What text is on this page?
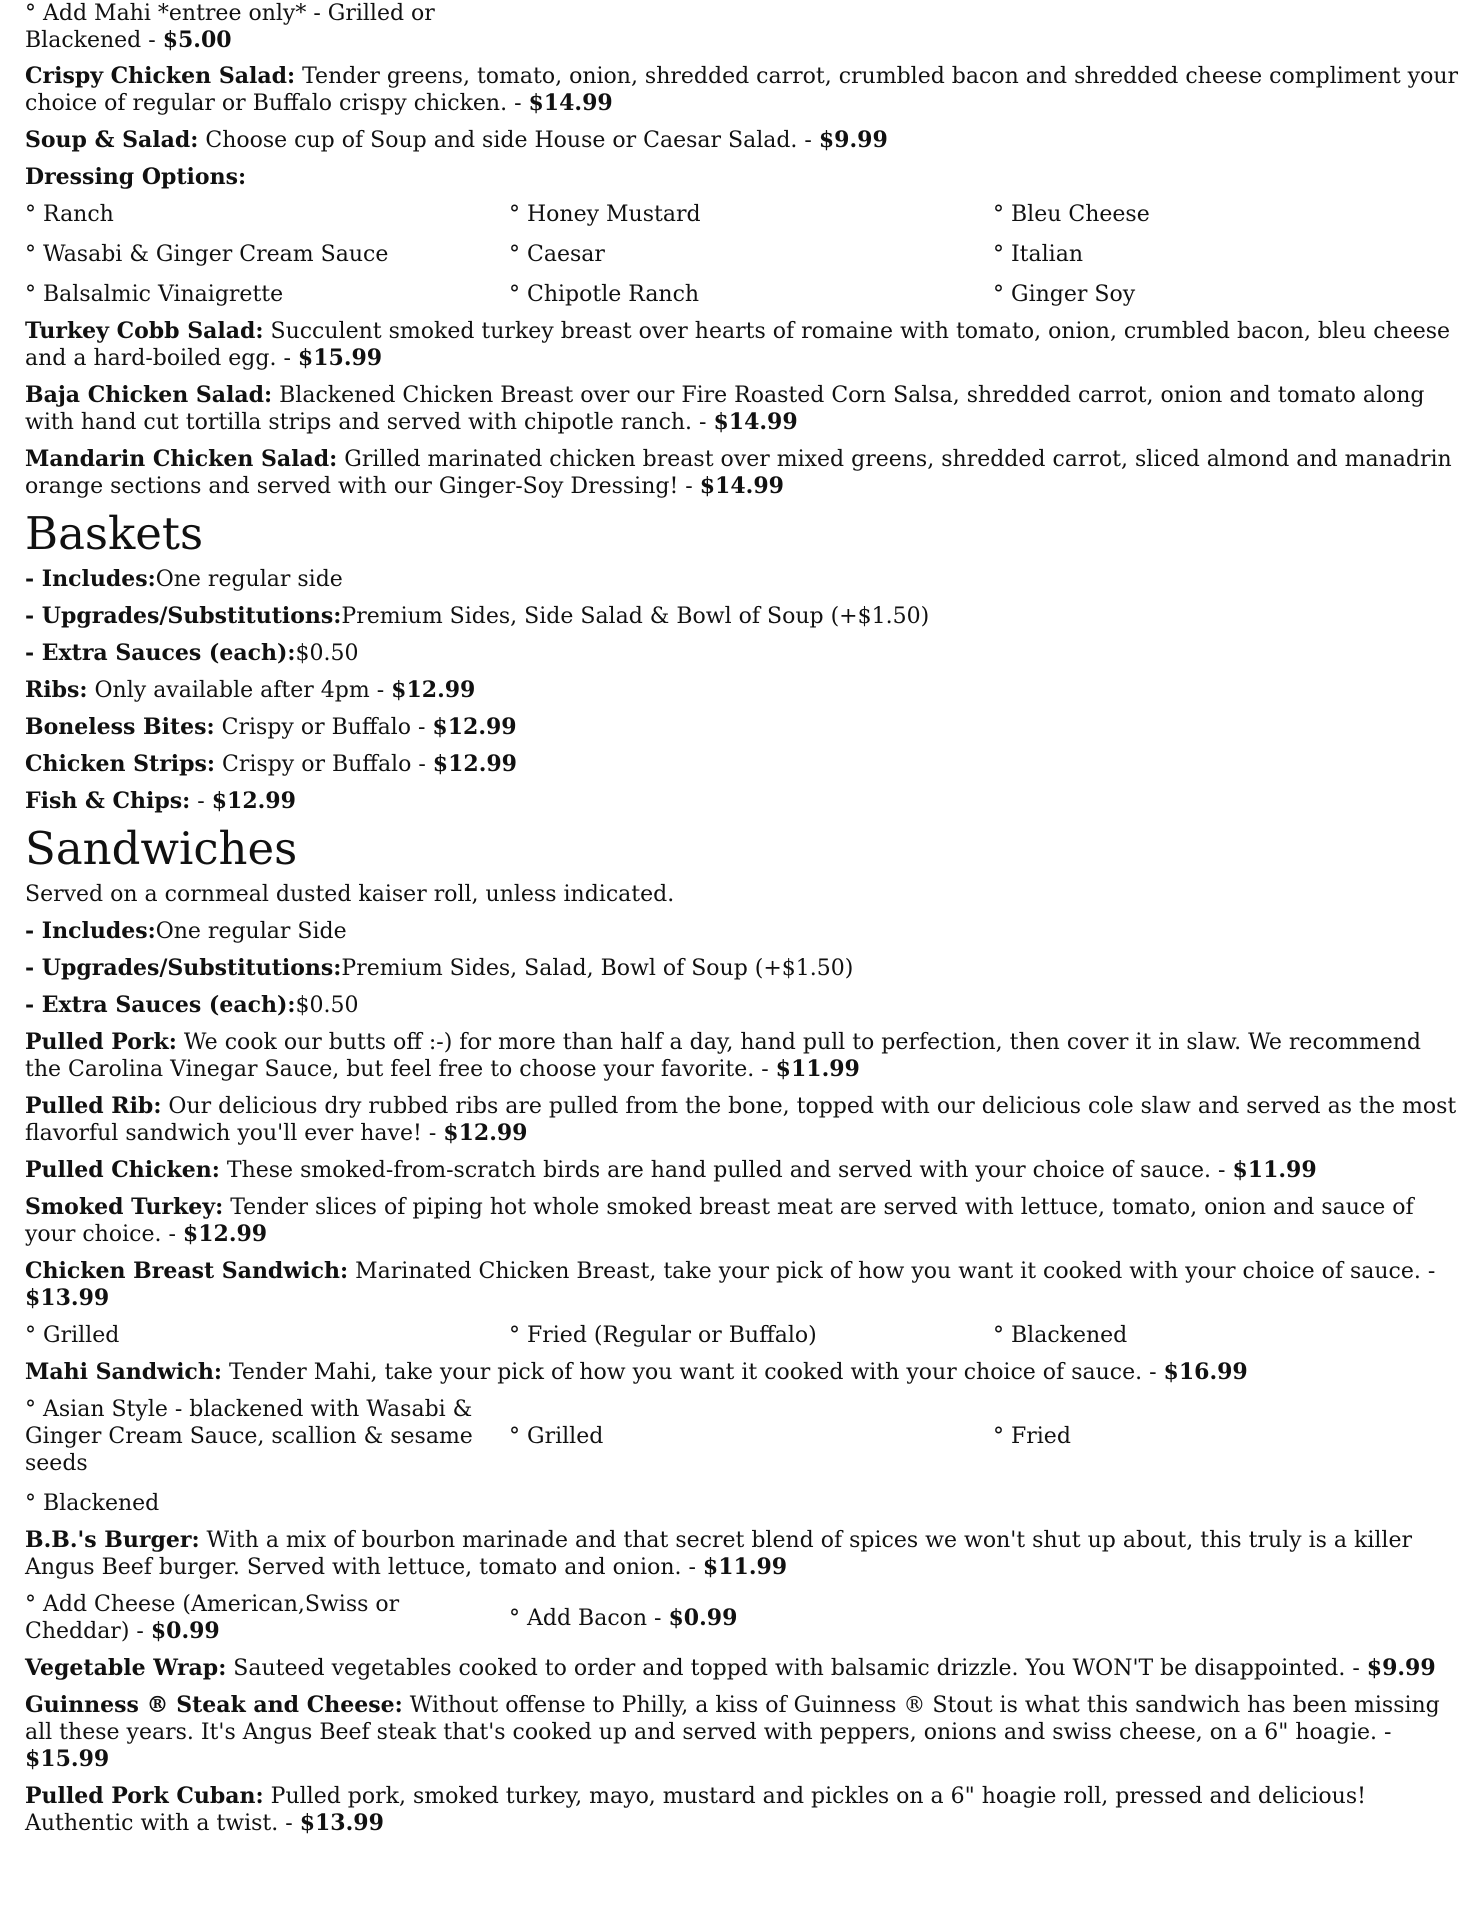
° Add Mahi *entree only* - Grilled or Blackened - $5.00
Crispy Chicken Salad: Tender greens, tomato, onion, shredded carrot, crumbled bacon and shredded cheese compliment your choice of regular or Buffalo crispy chicken. - $14.99
Soup & Salad: Choose cup of Soup and side House or Caesar Salad. - $9.99
Dressing Options:
° Ranch	° Honey Mustard	° Bleu Cheese
° Wasabi & Ginger Cream Sauce	° Caesar	° Italian
° Balsalmic Vinaigrette	° Chipotle Ranch	° Ginger Soy
Turkey Cobb Salad: Succulent smoked turkey breast over hearts of romaine with tomato, onion, crumbled bacon, bleu cheese and a hard-boiled egg. - $15.99
Baja Chicken Salad: Blackened Chicken Breast over our Fire Roasted Corn Salsa, shredded carrot, onion and tomato along with hand cut tortilla strips and served with chipotle ranch. - $14.99
Mandarin Chicken Salad: Grilled marinated chicken breast over mixed greens, shredded carrot, sliced almond and manadrin orange sections and served with our Ginger-Soy Dressing! - $14.99
Baskets
- Includes:One regular side
- Upgrades/Substitutions:Premium Sides, Side Salad & Bowl of Soup (+$1.50)
- Extra Sauces (each):$0.50
Ribs: Only available after 4pm - $12.99
Boneless Bites: Crispy or Buffalo - $12.99
Chicken Strips: Crispy or Buffalo - $12.99
Fish & Chips: - $12.99
Sandwiches
Served on a cornmeal dusted kaiser roll, unless indicated.
- Includes:One regular Side
- Upgrades/Substitutions:Premium Sides, Salad, Bowl of Soup (+$1.50)
- Extra Sauces (each):$0.50
Pulled Pork: We cook our butts off :-) for more than half a day, hand pull to perfection, then cover it in slaw. We recommend the Carolina Vinegar Sauce, but feel free to choose your favorite. - $11.99
Pulled Rib: Our delicious dry rubbed ribs are pulled from the bone, topped with our delicious cole slaw and served as the most flavorful sandwich you'll ever have! - $12.99
Pulled Chicken: These smoked-from-scratch birds are hand pulled and served with your choice of sauce. - $11.99
Smoked Turkey: Tender slices of piping hot whole smoked breast meat are served with lettuce, tomato, onion and sauce of your choice. - $12.99
Chicken Breast Sandwich: Marinated Chicken Breast, take your pick of how you want it cooked with your choice of sauce. - $13.99
° Grilled	° Fried (Regular or Buffalo)	° Blackened
Mahi Sandwich: Tender Mahi, take your pick of how you want it cooked with your choice of sauce. - $16.99
° Asian Style - blackened with Wasabi & Ginger Cream Sauce, scallion & sesame seeds
° Grilled	° Fried
° Blackened
B.B.'s Burger: With a mix of bourbon marinade and that secret blend of spices we won't shut up about, this truly is a killer Angus Beef burger. Served with lettuce, tomato and onion. - $11.99
° Add Cheese (American,Swiss or Cheddar) - $0.99	° Add Bacon - $0.99
Vegetable Wrap: Sauteed vegetables cooked to order and topped with balsamic drizzle. You WON'T be disappointed. - $9.99
Guinness ® Steak and Cheese: Without offense to Philly, a kiss of Guinness ® Stout is what this sandwich has been missing all these years. It's Angus Beef steak that's cooked up and served with peppers, onions and swiss cheese, on a 6" hoagie. - $15.99
Pulled Pork Cuban: Pulled pork, smoked turkey, mayo, mustard and pickles on a 6" hoagie roll, pressed and delicious! Authentic with a twist. - $13.99
